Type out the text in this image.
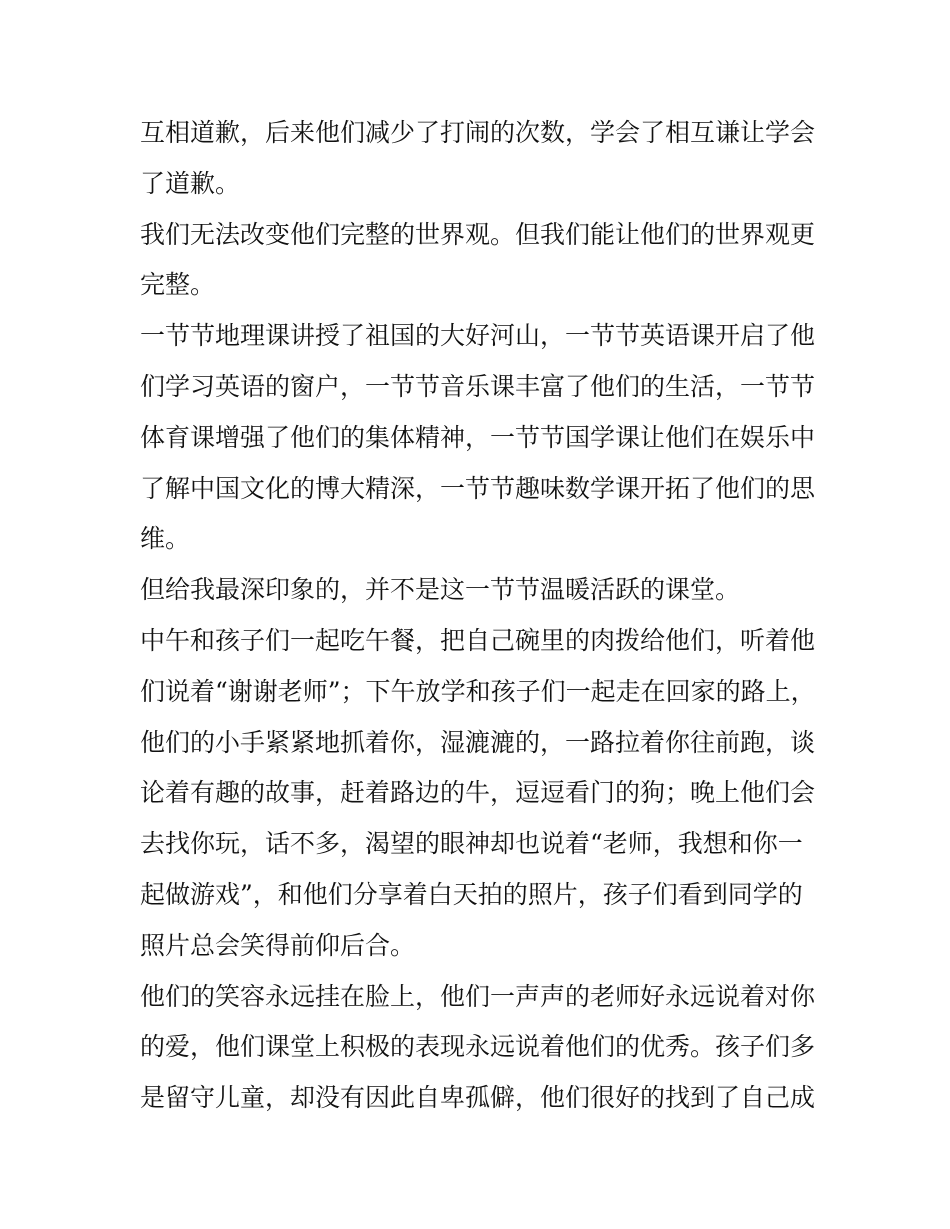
互相道歉，后来他们减少了打闹的次数，学会了相互谦让学会
了道歉。
我们无法改变他们完整的世界观。但我们能让他们的世界观更
完整。
一节节地理课讲授了祖国的大好河山，一节节英语课开启了他
们学习英语的窗户，一节节音乐课丰富了他们的生活，一节节
体育课增强了他们的集体精神，一节节国学课让他们在娱乐中
了解中国文化的博大精深，一节节趣味数学课开拓了他们的思
维。
但给我最深印象的，并不是这一节节温暖活跃的课堂。
中午和孩子们一起吃午餐，把自己碗里的肉拨给他们，听着他
们说着“谢谢老师”；下午放学和孩子们一起走在回家的路上，
他们的小手紧紧地抓着你，湿漉漉的，一路拉着你往前跑，谈
论着有趣的故事，赶着路边的牛，逗逗看门的狗；晚上他们会
去找你玩，话不多，渴望的眼神却也说着“老师，我想和你一
起做游戏”，和他们分享着白天拍的照片，孩子们看到同学的
照片总会笑得前仰后合。
他们的笑容永远挂在脸上，他们一声声的老师好永远说着对你
的爱，他们课堂上积极的表现永远说着他们的优秀。孩子们多
是留守儿童，却没有因此自卑孤僻，他们很好的找到了自己成
